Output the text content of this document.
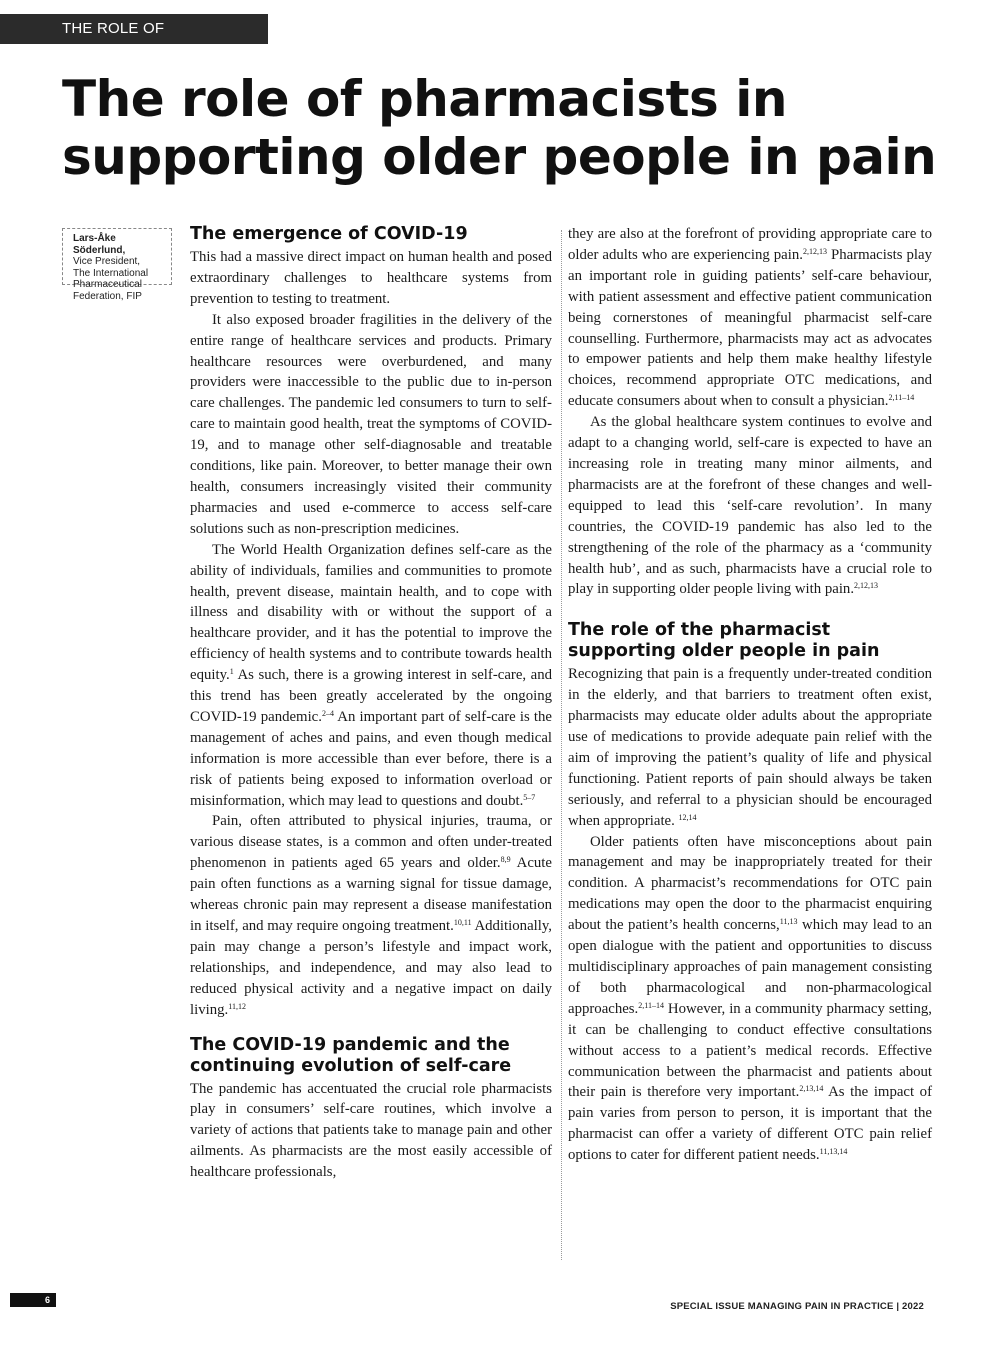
THE ROLE OF PHARMACISTS
The role of pharmacists in
supporting older people in pain
Lars-Åke
Söderlund,
Vice President,
The International
Pharmaceutical
Federation, FIP
The emergence of COVID-19

This had a massive direct impact on human health and posed extraordinary challenges to healthcare systems from prevention to testing to treatment.

It also exposed broader fragilities in the delivery of the entire range of healthcare services and products. Primary healthcare resources were overburdened, and many providers were inaccessible to the public due to in-person care challenges. The pandemic led consumers to turn to self-care to maintain good health, treat the symptoms of COVID-19, and to manage other self-diagnosable and treatable conditions, like pain. Moreover, to better manage their own health, consumers increasingly visited their community pharmacies and used e-commerce to access self-care solutions such as non-prescription medicines.

The World Health Organization defines self-care as the ability of individuals, families and communities to promote health, prevent disease, maintain health, and to cope with illness and disability with or without the support of a healthcare provider, and it has the potential to improve the efficiency of health systems and to contribute towards health equity.$^1$ As such, there is a growing interest in self-care, and this trend has been greatly accelerated by the ongoing COVID-19 pandemic.$^{2-4}$ An important part of self-care is the management of aches and pains, and even though medical information is more accessible than ever before, there is a risk of patients being exposed to information overload or misinformation, which may lead to questions and doubt.$^{5-7}$

Pain, often attributed to physical injuries, trauma, or various disease states, is a common and often under-treated phenomenon in patients aged 65 years and older.$^{8,9}$ Acute pain often functions as a warning signal for tissue damage, whereas chronic pain may represent a disease manifestation in itself, and may require ongoing treatment.$^{10,11}$ Additionally, pain may change a person’s lifestyle and impact work, relationships, and independence, and may also lead to reduced physical activity and a negative impact on daily living.$^{11,12}$

The COVID-19 pandemic and the continuing evolution of self-care

The pandemic has accentuated the crucial role pharmacists play in consumers’ self-care routines, which involve a variety of actions that patients take to manage pain and other ailments. As pharmacists are the most easily accessible of healthcare professionals,

they are also at the forefront of providing appropriate care to older adults who are experiencing pain.$^{2,12,13}$ Pharmacists play an important role in guiding patients’ self-care behaviour, with patient assessment and effective patient communication being cornerstones of meaningful pharmacist self-care counselling. Furthermore, pharmacists may act as advocates to empower patients and help them make healthy lifestyle choices, recommend appropriate OTC medications, and educate consumers about when to consult a physician.$^{2,11-14}$

As the global healthcare system continues to evolve and adapt to a changing world, self-care is expected to have an increasing role in treating many minor ailments, and pharmacists are at the forefront of these changes and well-equipped to lead this ‘self-care revolution’. In many countries, the COVID-19 pandemic has also led to the strengthening of the role of the pharmacy as a ‘community health hub’, and as such, pharmacists have a crucial role to play in supporting older people living with pain.$^{2,12,13}$

The role of the pharmacist supporting older people in pain

Recognizing that pain is a frequently under-treated condition in the elderly, and that barriers to treatment often exist, pharmacists may educate older adults about the appropriate use of medications to provide adequate pain relief with the aim of improving the patient’s quality of life and physical functioning. Patient reports of pain should always be taken seriously, and referral to a physician should be encouraged when appropriate. $^{12,14}$

Older patients often have misconceptions about pain management and may be inappropriately treated for their condition. A pharmacist’s recommendations for OTC pain medications may open the door to the pharmacist enquiring about the patient’s health concerns,$^{11,13}$ which may lead to an open dialogue with the patient and opportunities to discuss multidisciplinary approaches of pain management consisting of both pharmacological and non-pharmacological approaches.$^{2,11-14}$ However, in a community pharmacy setting, it can be challenging to conduct effective consultations without access to a patient’s medical records. Effective communication between the pharmacist and patients about their pain is therefore very important.$^{2,13,14}$ As the impact of pain varies from person to person, it is important that the pharmacist can offer a variety of different OTC pain relief options to cater for different patient needs.$^{11,13,14}$

6
SPECIAL ISSUE MANAGING PAIN IN PRACTICE | 2022
